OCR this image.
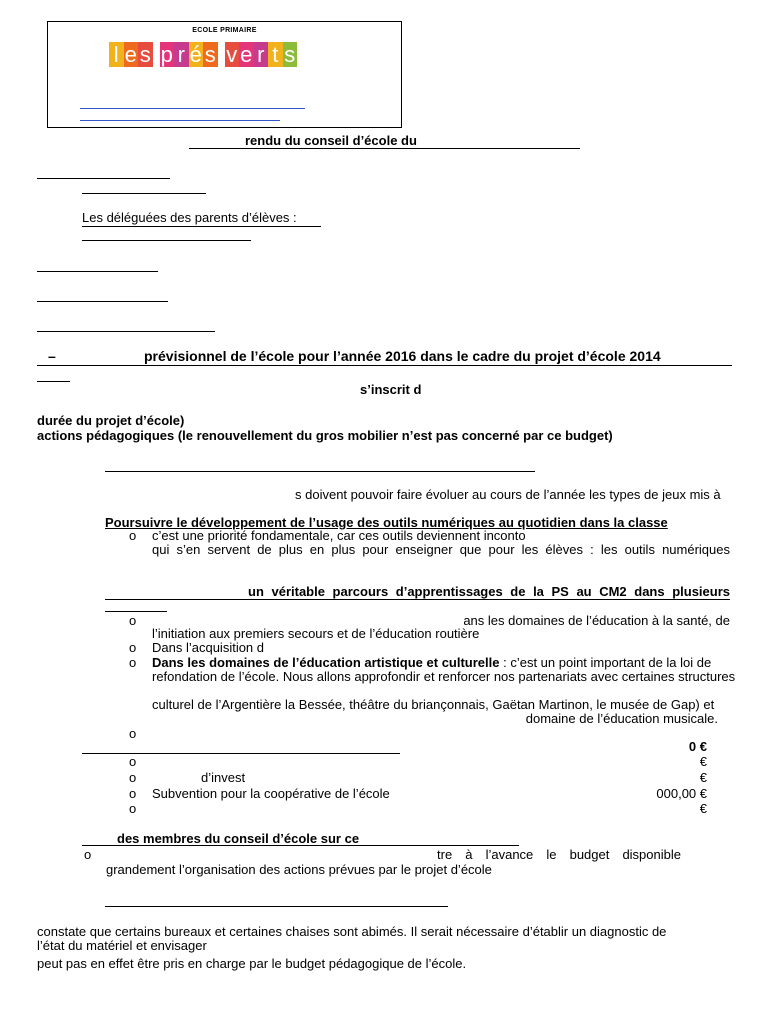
ECOLE PRIMAIRE
l e s p r é s v e r t s
rendu du conseil d’école du
Les déléguées des parents d’élèves :
–	prévisionnel de l’école pour l’année 2016 dans le cadre du projet d’école 2014
s’inscrit d
durée du projet d’école)
actions pédagogiques (le renouvellement du gros mobilier n’est pas concerné par ce budget)
s doivent pouvoir faire évoluer au cours de l’année les types de jeux mis à
Poursuivre le développement de l’usage des outils numériques au quotidien dans la classe
o c’est une priorité fondamentale, car ces outils deviennent inconto
qui s’en servent de plus en plus pour enseigner que pour les élèves : les outils numériques
un véritable parcours d’apprentissages de la PS au CM2 dans plusieurs
o	ans les domaines de l’éducation à la santé, de
l’initiation aux premiers secours et de l’éducation routière
o Dans l’acquisition d
o Dans les domaines de l’éducation artistique et culturelle : c’est un point important de la loi de
refondation de l’école. Nous allons approfondir et renforcer nos partenariats avec certaines structures
culturel de l’Argentière la Bessée, théâtre du briançonnais, Gaëtan Martinon, le musée de Gap) et
domaine de l’éducation musicale.
o
0 €
o	€
o	d’invest	€
o Subvention pour la coopérative de l’école	000,00 €
o	€
des membres du conseil d’école sur ce
o	tre à l’avance le budget disponible
grandement l’organisation des actions prévues par le projet d’école
constate que certains bureaux et certaines chaises sont abimés. Il serait nécessaire d’établir un diagnostic de
l’état du matériel et envisager
peut pas en effet être pris en charge par le budget pédagogique de l’école.
